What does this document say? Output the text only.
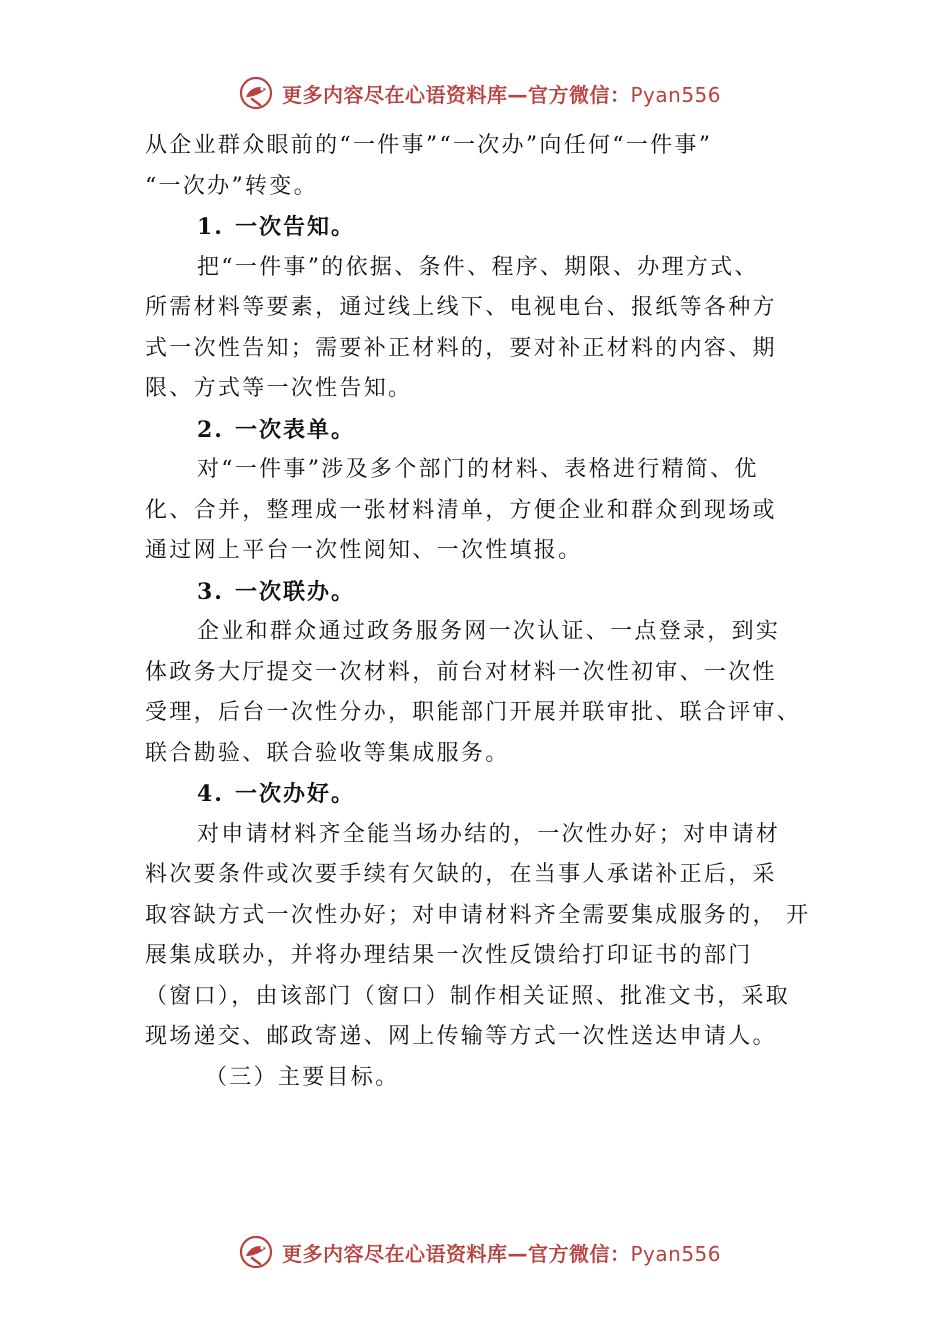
更多内容尽在心语资料库—官方微信：Pyan556
从企业群众眼前的“一件事”“一次办”向任何“一件事”
“一次办”转变。
1. 一次告知。
把“一件事”的依据、条件、程序、期限、办理方式、
所需材料等要素，通过线上线下、电视电台、报纸等各种方
式一次性告知；需要补正材料的，要对补正材料的内容、期
限、方式等一次性告知。
2. 一次表单。
对“一件事”涉及多个部门的材料、表格进行精简、优
化、合并，整理成一张材料清单，方便企业和群众到现场或
通过网上平台一次性阅知、一次性填报。
3. 一次联办。
企业和群众通过政务服务网一次认证、一点登录，到实
体政务大厅提交一次材料，前台对材料一次性初审、一次性
受理，后台一次性分办，职能部门开展并联审批、联合评审、
联合勘验、联合验收等集成服务。
4. 一次办好。
对申请材料齐全能当场办结的，一次性办好；对申请材
料次要条件或次要手续有欠缺的，在当事人承诺补正后，采
取容缺方式一次性办好；对申请材料齐全需要集成服务的， 开
展集成联办，并将办理结果一次性反馈给打印证书的部门
（窗口），由该部门（窗口）制作相关证照、批准文书，采取
现场递交、邮政寄递、网上传输等方式一次性送达申请人。
（三）主要目标。
更多内容尽在心语资料库—官方微信：Pyan556
